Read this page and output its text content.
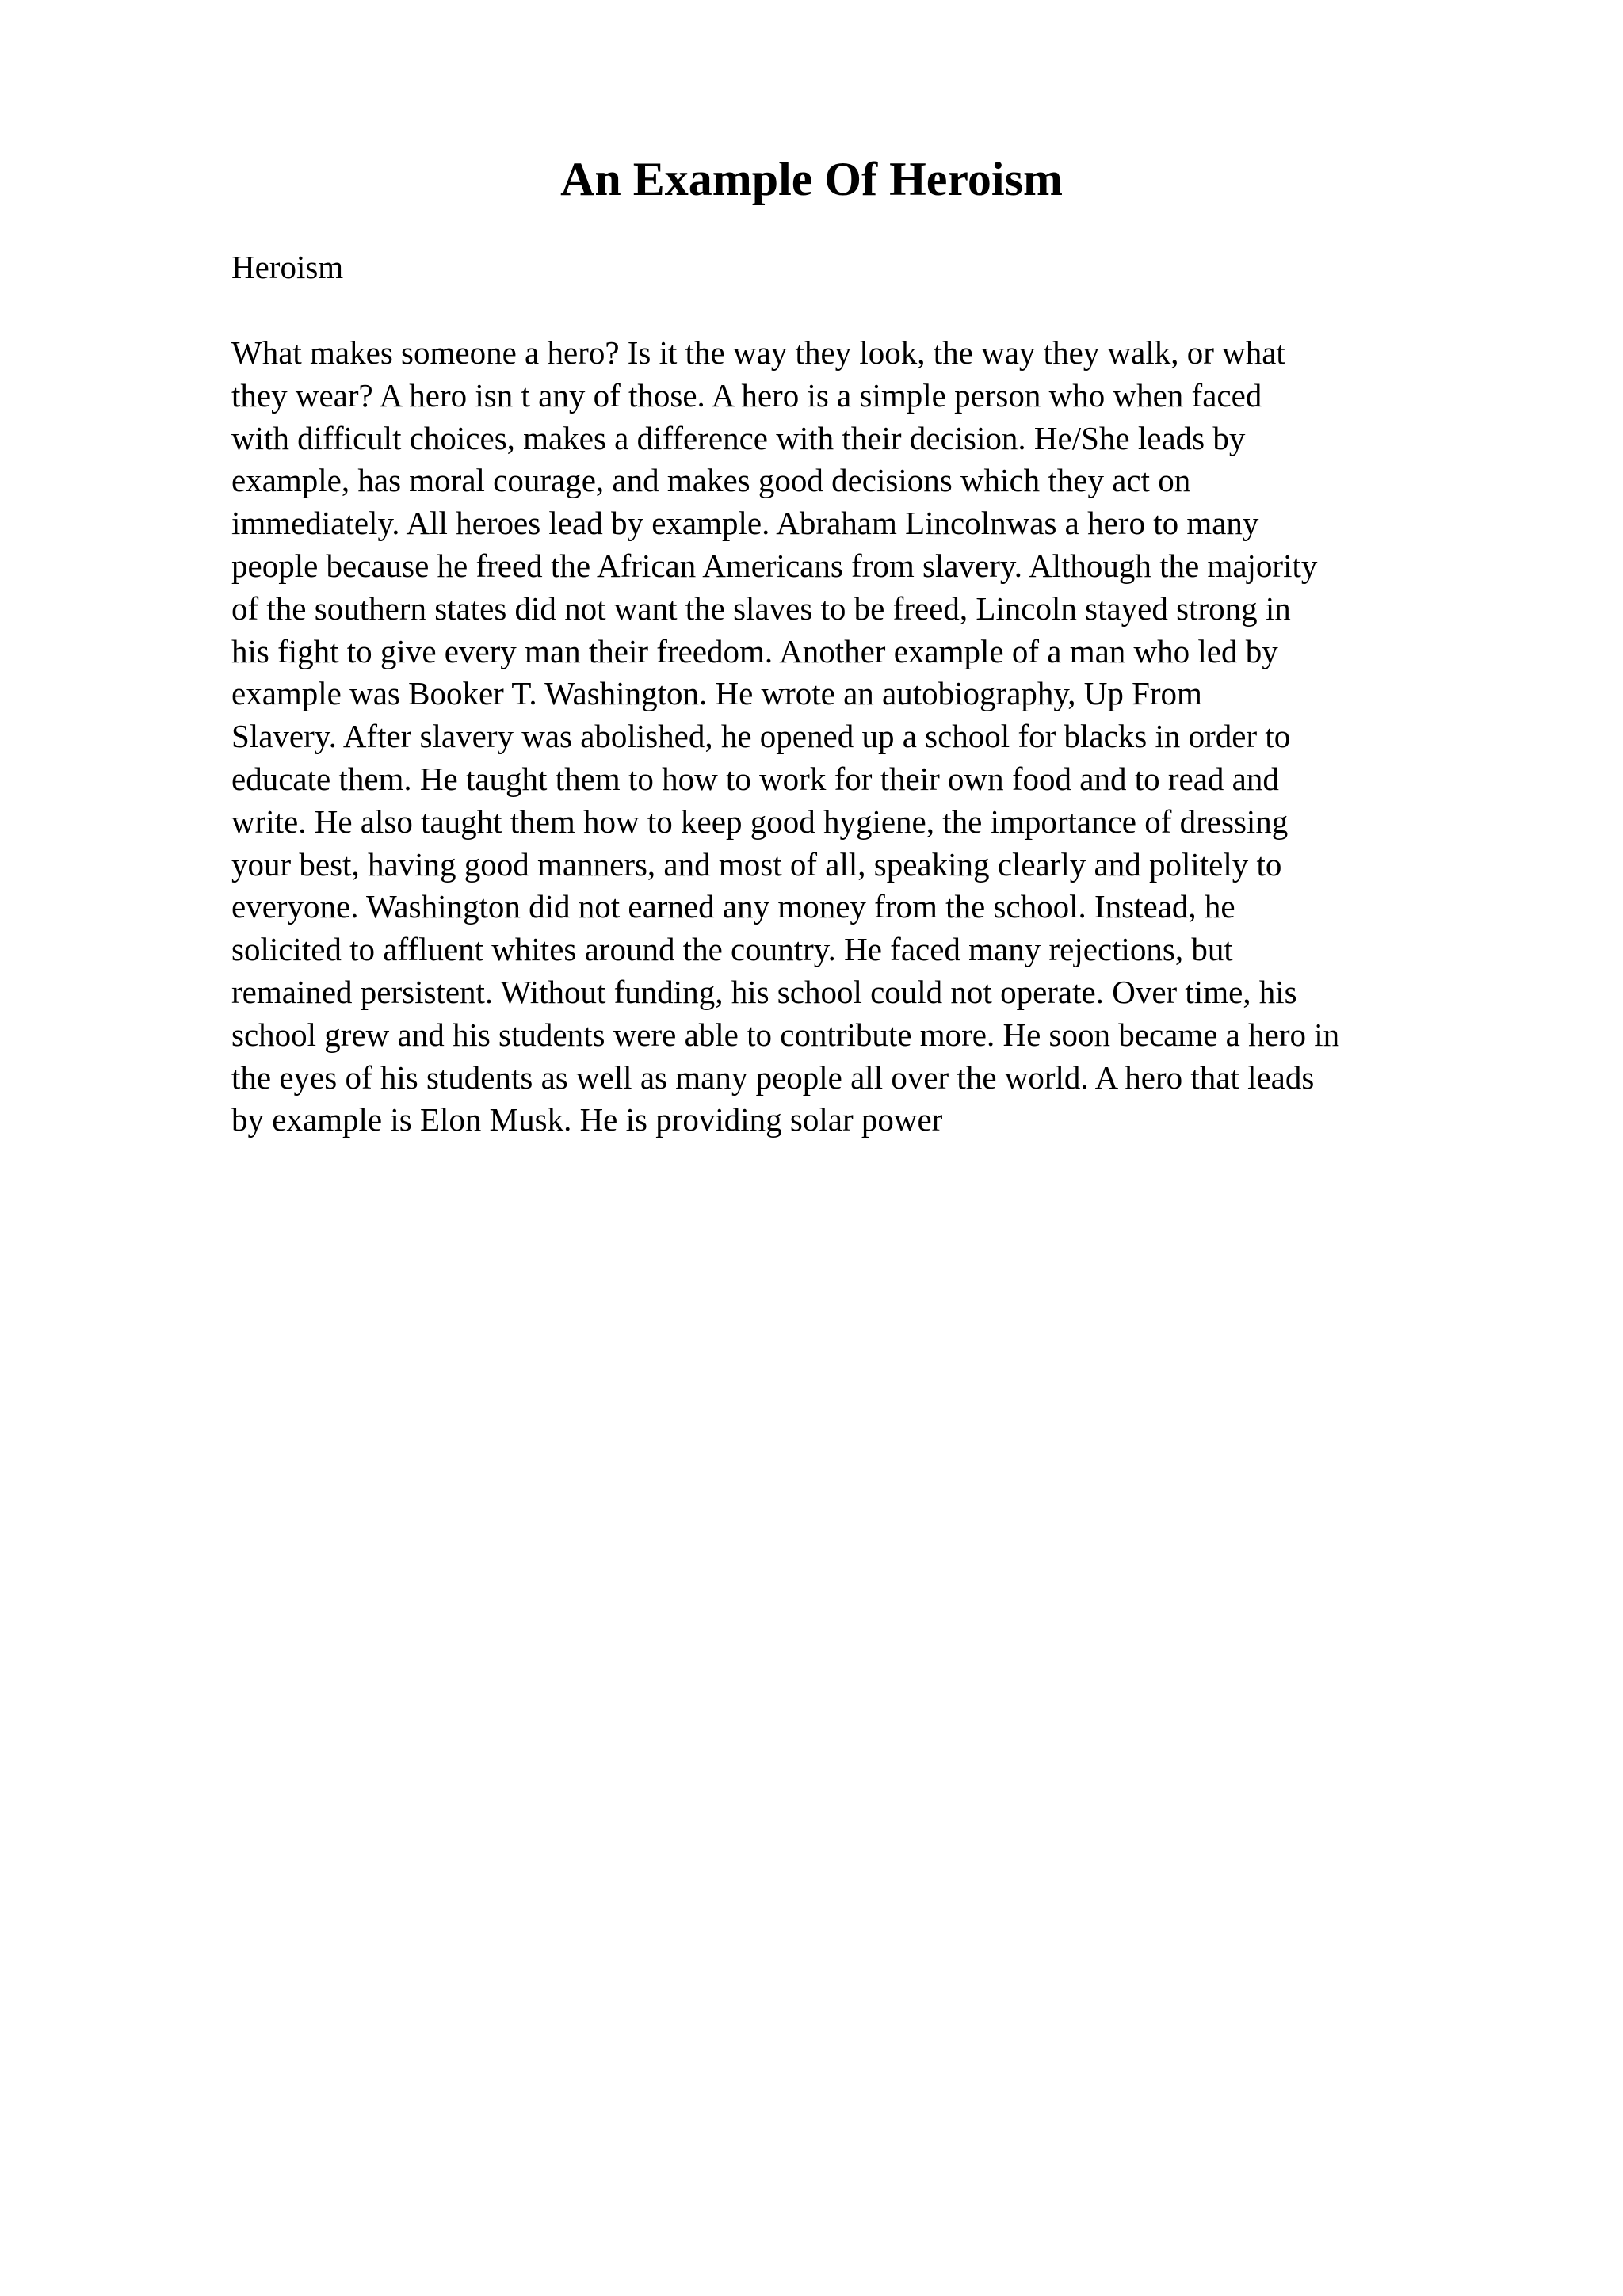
An Example Of Heroism
Heroism
What makes someone a hero? Is it the way they look, the way they walk, or what
they wear? A hero isn t any of those. A hero is a simple person who when faced
with difficult choices, makes a difference with their decision. He/She leads by
example, has moral courage, and makes good decisions which they act on
immediately. All heroes lead by example. Abraham Lincolnwas a hero to many
people because he freed the African Americans from slavery. Although the majority
of the southern states did not want the slaves to be freed, Lincoln stayed strong in
his fight to give every man their freedom. Another example of a man who led by
example was Booker T. Washington. He wrote an autobiography, Up From
Slavery. After slavery was abolished, he opened up a school for blacks in order to
educate them. He taught them to how to work for their own food and to read and
write. He also taught them how to keep good hygiene, the importance of dressing
your best, having good manners, and most of all, speaking clearly and politely to
everyone. Washington did not earned any money from the school. Instead, he
solicited to affluent whites around the country. He faced many rejections, but
remained persistent. Without funding, his school could not operate. Over time, his
school grew and his students were able to contribute more. He soon became a hero in
the eyes of his students as well as many people all over the world. A hero that leads
by example is Elon Musk. He is providing solar power
